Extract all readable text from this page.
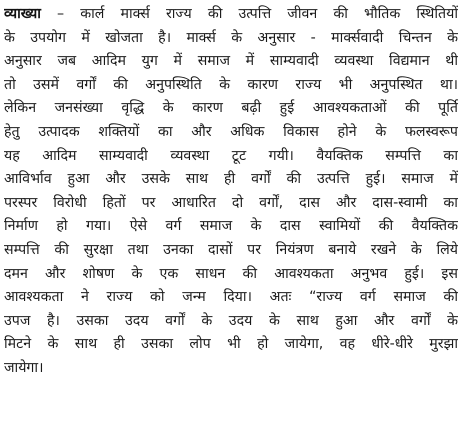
व्याख्या – कार्ल मार्क्स राज्य की उत्पत्ति जीवन की भौतिक स्थितियों
के उपयोग में खोजता है। मार्क्स के अनुसार - मार्क्सवादी चिन्तन के
अनुसार जब आदिम युग में समाज में साम्यवादी व्यवस्था विद्यमान थी
तो उसमें वर्गों की अनुपस्थिति के कारण राज्य भी अनुपस्थित था।
लेकिन जनसंख्या वृद्धि के कारण बढ़ी हुई आवश्यकताओं की पूर्ति
हेतु उत्पादक शक्तियों का और अधिक विकास होने के फलस्वरूप
यह आदिम साम्यवादी व्यवस्था टूट गयी। वैयक्तिक सम्पत्ति का
आविर्भाव हुआ और उसके साथ ही वर्गों की उत्पत्ति हुई। समाज में
परस्पर विरोधी हितों पर आधारित दो वर्गों, दास और दास-स्वामी का
निर्माण हो गया। ऐसे वर्ग समाज के दास स्वामियों की वैयक्तिक
सम्पत्ति की सुरक्षा तथा उनका दासों पर नियंत्रण बनाये रखने के लिये
दमन और शोषण के एक साधन की आवश्यकता अनुभव हुई। इस
आवश्यकता ने राज्य को जन्म दिया। अतः “राज्य वर्ग समाज की
उपज है। उसका उदय वर्गों के उदय के साथ हुआ और वर्गों के
मिटने के साथ ही उसका लोप भी हो जायेगा, वह धीरे-धीरे मुरझा
जायेगा।
